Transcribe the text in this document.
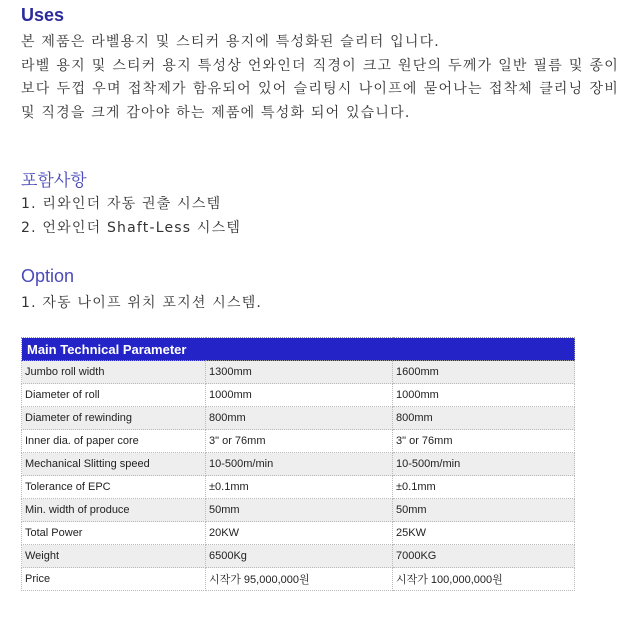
Uses

본 제품은 라벨용지 및 스티커 용지에 특성화된 슬리터 입니다.

라벨 용지 및 스티커 용지 특성상 언와인더 직경이 크고 원단의 두께가 일반 필름 및 종이 보다 두껍 우며 접착제가 함유되어 있어 슬리팅시 나이프에 묻어나는 접착체 클리닝 장비 및 직경을 크게 감아야 하는 제품에 특성화 되어 있습니다.

포함사항
1. 리와인더 자동 권출 시스템
2. 언와인더 Shaft-Less 시스템
Option
1. 자동 나이프 위치 포지션 시스템.
Main Technical Parameter		
Jumbo roll width	1300mm	1600mm
Diameter of roll	1000mm	1000mm
Diameter of rewinding	800mm	800mm
Inner dia. of paper core	3" or 76mm	3" or 76mm
Mechanical Slitting speed	10-500m/min	10-500m/min
Tolerance of EPC	±0.1mm	±0.1mm
Min. width of produce	50mm	50mm
Total Power	20KW	25KW
Weight	6500Kg	7000KG
Price	시작가 95,000,000원	시작가 100,000,000원
